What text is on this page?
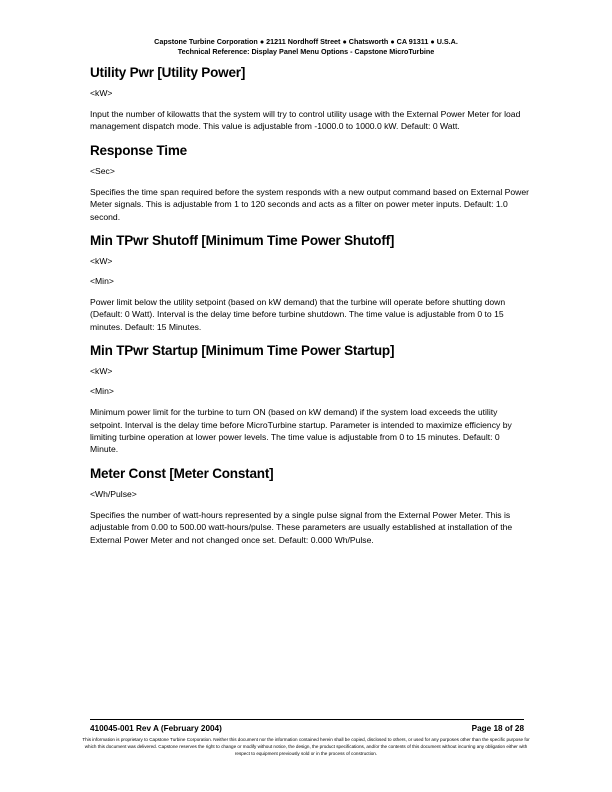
Capstone Turbine Corporation ● 21211 Nordhoff Street ● Chatsworth ● CA 91311 ● U.S.A.
Technical Reference: Display Panel Menu Options - Capstone MicroTurbine
Utility Pwr [Utility Power]

<kW>

Input the number of kilowatts that the system will try to control utility usage with the External Power Meter for load management dispatch mode. This value is adjustable from -1000.0 to 1000.0 kW. Default: 0 Watt.

Response Time

<Sec>

Specifies the time span required before the system responds with a new output command based on External Power Meter signals. This is adjustable from 1 to 120 seconds and acts as a filter on power meter inputs. Default: 1.0 second.

Min TPwr Shutoff [Minimum Time Power Shutoff]

<kW>

<Min>

Power limit below the utility setpoint (based on kW demand) that the turbine will operate before shutting down (Default: 0 Watt). Interval is the delay time before turbine shutdown. The time value is adjustable from 0 to 15 minutes. Default: 15 Minutes.

Min TPwr Startup [Minimum Time Power Startup]

<kW>

<Min>

Minimum power limit for the turbine to turn ON (based on kW demand) if the system load exceeds the utility setpoint. Interval is the delay time before MicroTurbine startup. Parameter is intended to maximize efficiency by limiting turbine operation at lower power levels. The time value is adjustable from 0 to 15 minutes. Default: 0 Minute.

Meter Const [Meter Constant]

<Wh/Pulse>

Specifies the number of watt-hours represented by a single pulse signal from the External Power Meter. This is adjustable from 0.00 to 500.00 watt-hours/pulse. These parameters are usually established at installation of the External Power Meter and not changed once set. Default: 0.000 Wh/Pulse.

410045-001 Rev A (February 2004)	Page 18 of 28
This information is proprietary to Capstone Turbine Corporation. Neither this document nor the information contained herein shall be copied, disclosed to others, or used for any purposes other than the specific purpose for which this document was delivered. Capstone reserves the right to change or modify without notice, the design, the product specifications, and/or the contents of this document without incurring any obligation either with respect to equipment previously sold or in the process of construction.
